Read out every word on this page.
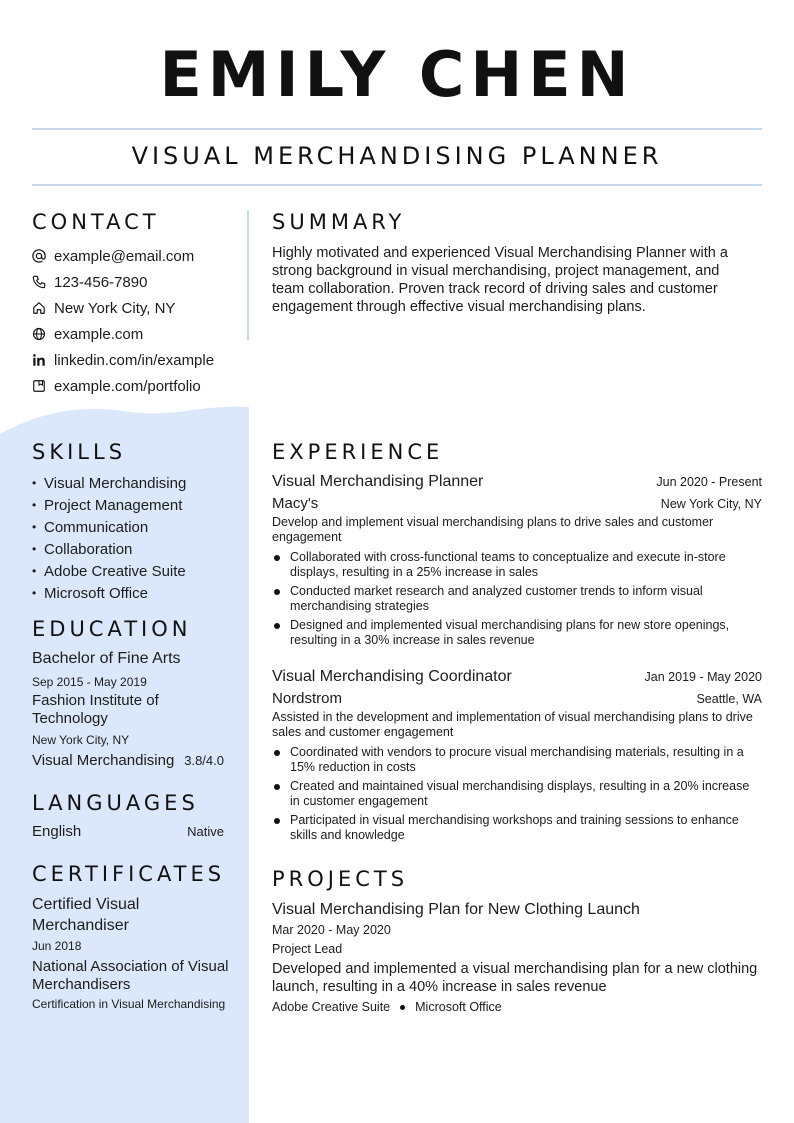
EMILY CHEN
VISUAL MERCHANDISING PLANNER
CONTACT
example@email.com
123-456-7890
New York City, NY
example.com
linkedin.com/in/example
example.com/portfolio
SKILLS
• Visual Merchandising
• Project Management
• Communication
• Collaboration
• Adobe Creative Suite
• Microsoft Office
EDUCATION
Bachelor of Fine Arts
Sep 2015 - May 2019
Fashion Institute of Technology
New York City, NY
Visual Merchandising 3.8/4.0
LANGUAGES
English	Native
CERTIFICATES
Certified Visual Merchandiser
Jun 2018
National Association of Visual Merchandisers
Certification in Visual Merchandising
SUMMARY
Highly motivated and experienced Visual Merchandising Planner with a strong background in visual merchandising, project management, and team collaboration. Proven track record of driving sales and customer engagement through effective visual merchandising plans.
EXPERIENCE
Visual Merchandising Planner	Jun 2020 - Present
Macy's	New York City, NY
Develop and implement visual merchandising plans to drive sales and customer engagement
Collaborated with cross-functional teams to conceptualize and execute in-store displays, resulting in a 25% increase in sales
Conducted market research and analyzed customer trends to inform visual merchandising strategies
Designed and implemented visual merchandising plans for new store openings, resulting in a 30% increase in sales revenue
Visual Merchandising Coordinator	Jan 2019 - May 2020
Nordstrom	Seattle, WA
Assisted in the development and implementation of visual merchandising plans to drive sales and customer engagement
Coordinated with vendors to procure visual merchandising materials, resulting in a 15% reduction in costs
Created and maintained visual merchandising displays, resulting in a 20% increase in customer engagement
Participated in visual merchandising workshops and training sessions to enhance skills and knowledge
PROJECTS
Visual Merchandising Plan for New Clothing Launch
Mar 2020 - May 2020
Project Lead
Developed and implemented a visual merchandising plan for a new clothing launch, resulting in a 40% increase in sales revenue
Adobe Creative Suite Microsoft Office
